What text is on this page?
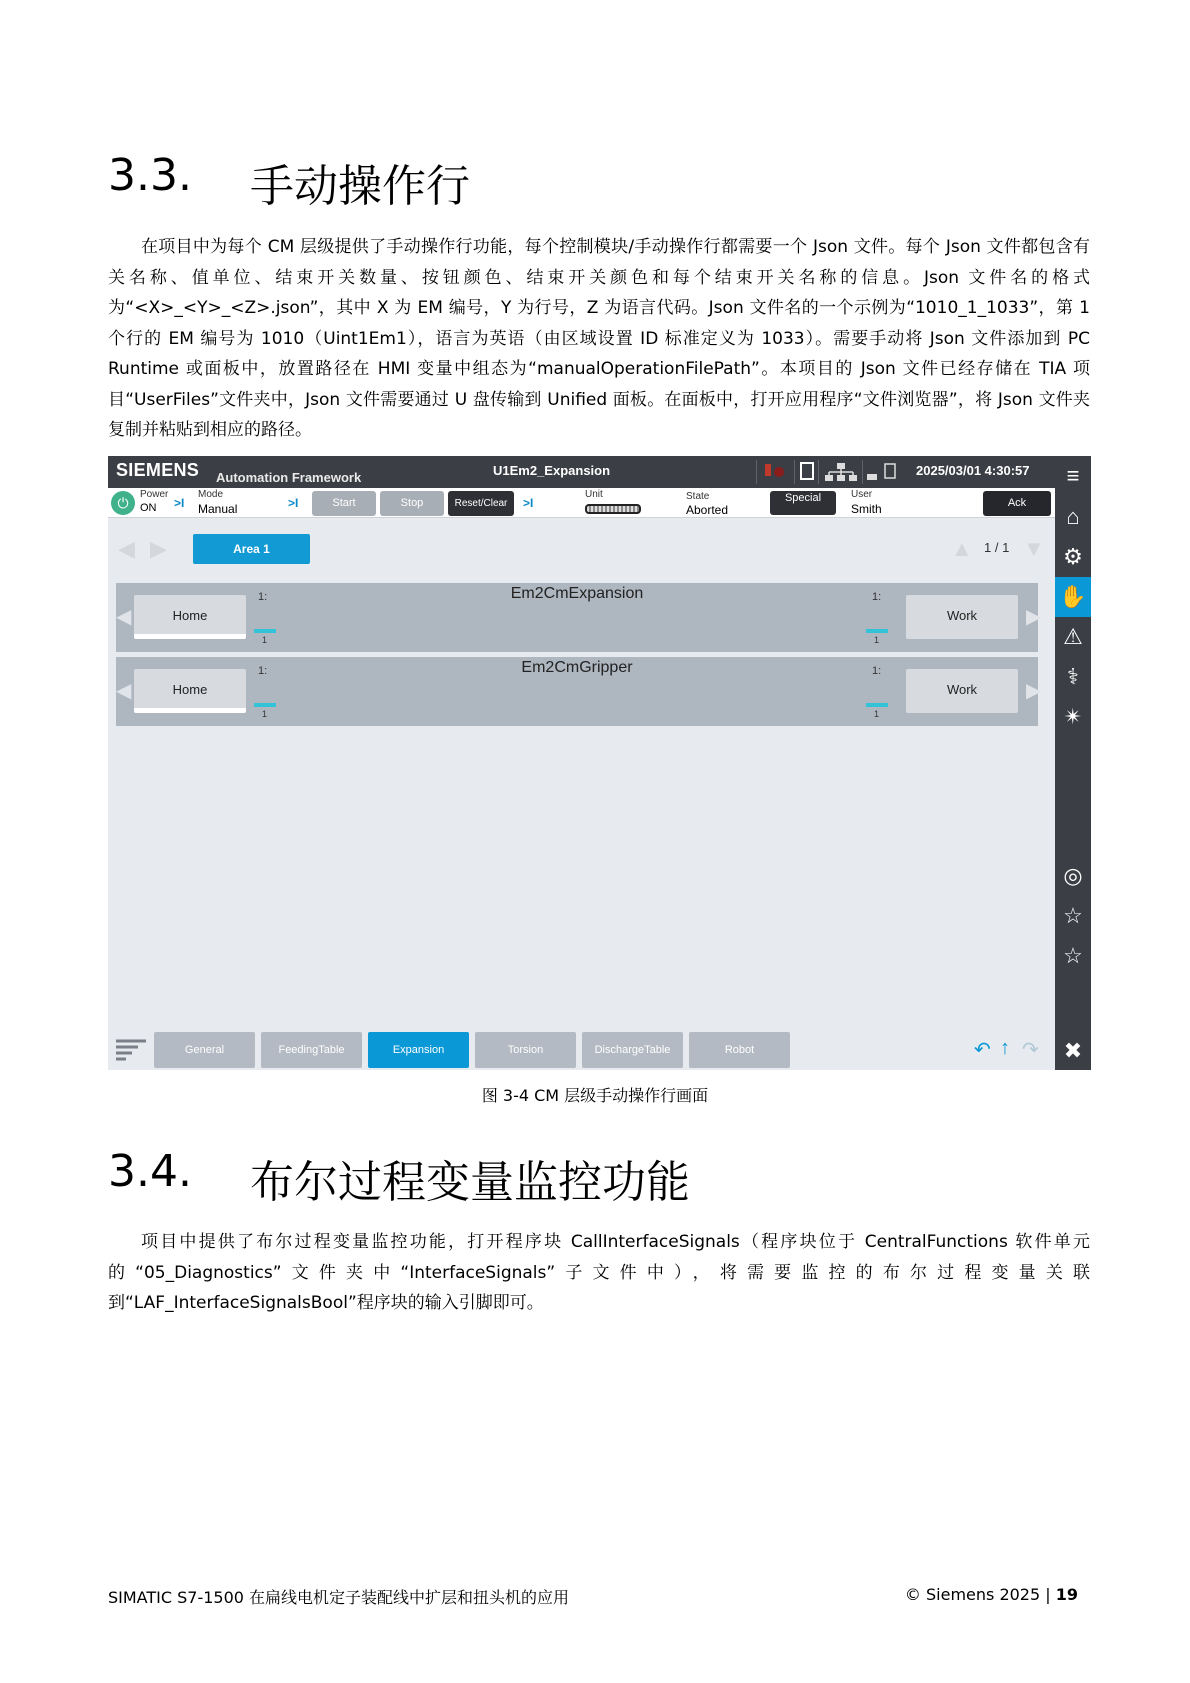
3.3. 手动操作行

在项目中为每个 CM 层级提供了手动操作行功能，每个控制模块/手动操作行都需要一个 Json 文件。每个 Json 文件都包含有关名称、值单位、结束开关数量、按钮颜色、结束开关颜色和每个结束开关名称的信息。Json 文件名的格式为“<X>_<Y>_<Z>.json”，其中 X 为 EM 编号，Y 为行号，Z 为语言代码。Json 文件名的一个示例为“1010_1_1033”，第 1 个行的 EM 编号为 1010（Uint1Em1），语言为英语（由区域设置 ID 标准定义为 1033）。需要手动将 Json 文件添加到 PC Runtime 或面板中，放置路径在 HMI 变量中组态为“manualOperationFilePath”。本项目的 Json 文件已经存储在 TIA 项目“UserFiles”文件夹中，Json 文件需要通过 U 盘传输到 Unified 面板。在面板中，打开应用程序“文件浏览器”，将 Json 文件夹复制并粘贴到相应的路径。

SIEMENS Automation Framework	U1Em2_Expansion	2025/03/01 4:30:57
⏻
Power
ON >I
Mode
Manual	>I	Start	Stop	Reset/Clear	>I
Unit	State
Aborted
Special	User
Smith	Ack
◀ ▶	Area 1	▲ 1 / 1 ▼
◀	Home
1:
1
Em2CmExpansion	1:
1
Work	▶
◀	Home
1:
1
Em2CmGripper	1:
1
Work	▶
General	FeedingTable	Expansion	Torsion	DischargeTable	Robot	↶ ↑ ↷
≡
⌂
⚙
✋
⚠
⚕
✴
◎
☆
☆
✖
图 3-4 CM 层级手动操作行画面
3.4. 布尔过程变量监控功能

项目中提供了布尔过程变量监控功能，打开程序块 CallInterfaceSignals（程序块位于 CentralFunctions 软件单元的“05_Diagnostics”文件夹中“InterfaceSignals”子文件中），将需要监控的布尔过程变量关联到“LAF_InterfaceSignalsBool”程序块的输入引脚即可。

SIMATIC S7-1500 在扁线电机定子装配线中扩层和扭头机的应用	© Siemens 2025 | 19
